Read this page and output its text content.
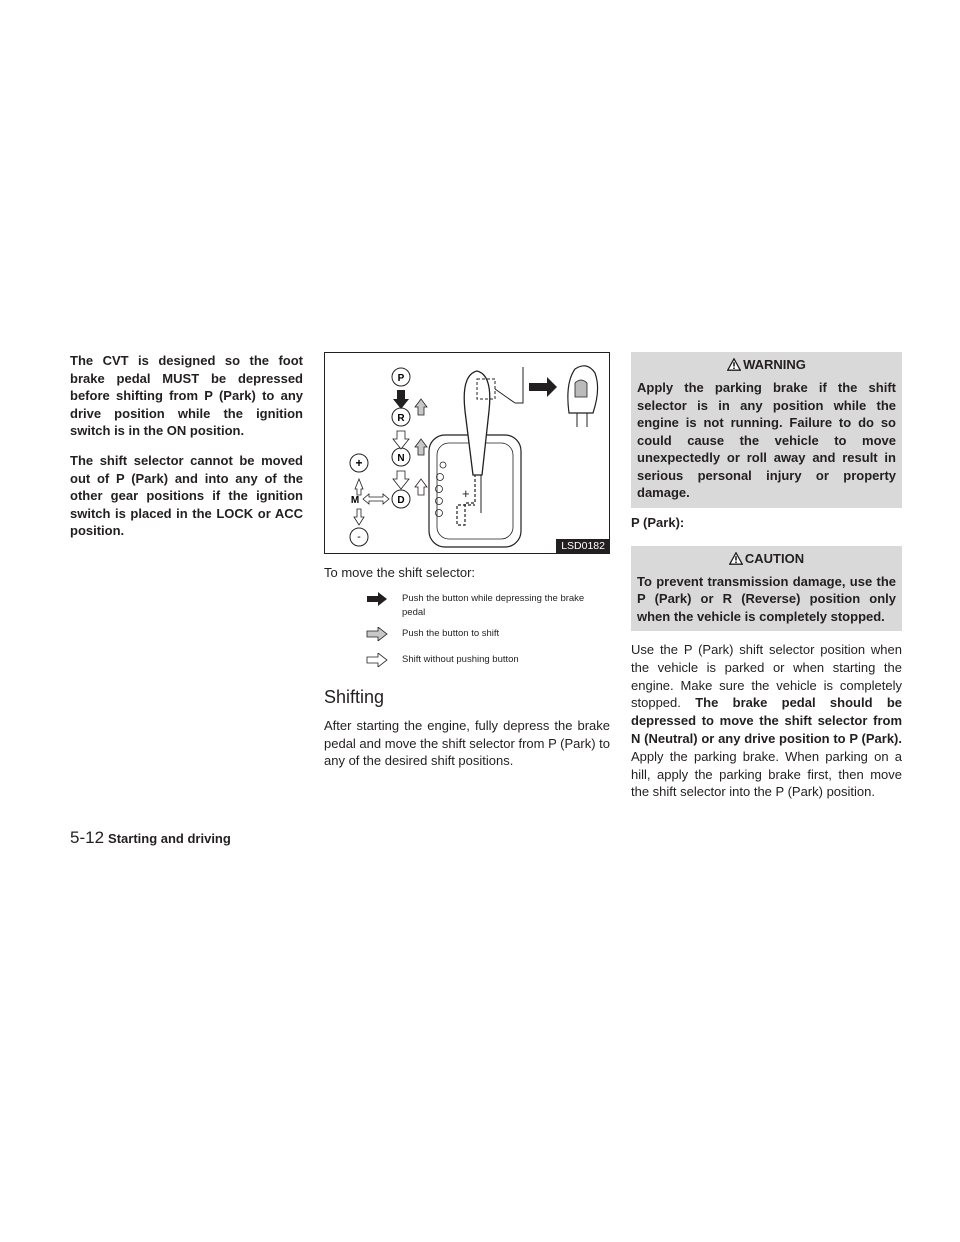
The CVT is designed so the foot brake pedal MUST be depressed before shifting from P (Park) to any drive position while the ignition switch is in the ON position.

The shift selector cannot be moved out of P (Park) and into any of the other gear positions if the ignition switch is placed in the LOCK or ACC position.

+
P
R
N
D
+
M
-
LSD0182

To move the shift selector:

Push the button while depressing the brake pedal
Push the button to shift
Shift without pushing button
Shifting

After starting the engine, fully depress the brake pedal and move the shift selector from P (Park) to any of the desired shift positions.

WARNING
Apply the parking brake if the shift selector is in any position while the engine is not running. Failure to do so could cause the vehicle to move unexpectedly or roll away and result in serious personal injury or property damage.
P (Park):
CAUTION
To prevent transmission damage, use the P (Park) or R (Reverse) position only when the vehicle is completely stopped.

Use the P (Park) shift selector position when the vehicle is parked or when starting the engine. Make sure the vehicle is completely stopped. The brake pedal should be depressed to move the shift selector from N (Neutral) or any drive position to P (Park). Apply the parking brake. When parking on a hill, apply the parking brake first, then move the shift selector into the P (Park) position.

5-12 Starting and driving
